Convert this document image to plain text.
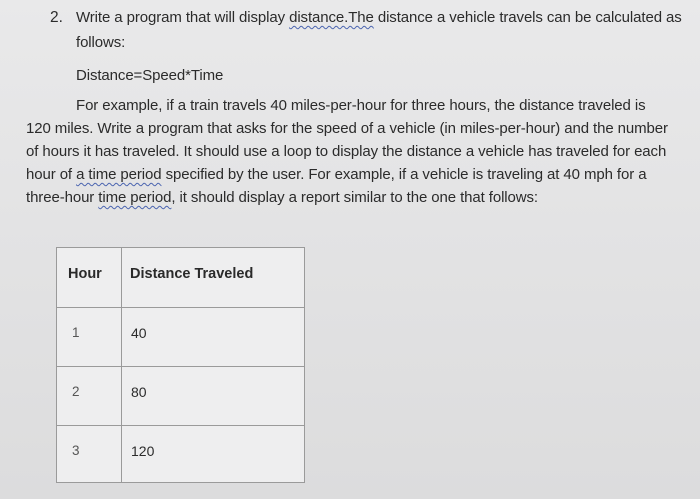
2. Write a program that will display distance.The distance a vehicle travels can be calculated as
follows:
Distance=Speed*Time
For example, if a train travels 40 miles-per-hour for three hours, the distance traveled is
120 miles. Write a program that asks for the speed of a vehicle (in miles-per-hour) and the number
of hours it has traveled. It should use a loop to display the distance a vehicle has traveled for each
hour of a time period specified by the user. For example, if a vehicle is traveling at 40 mph for a
three-hour time period, it should display a report similar to the one that follows:
Hour Distance Traveled
1	40
2	80
3	120
